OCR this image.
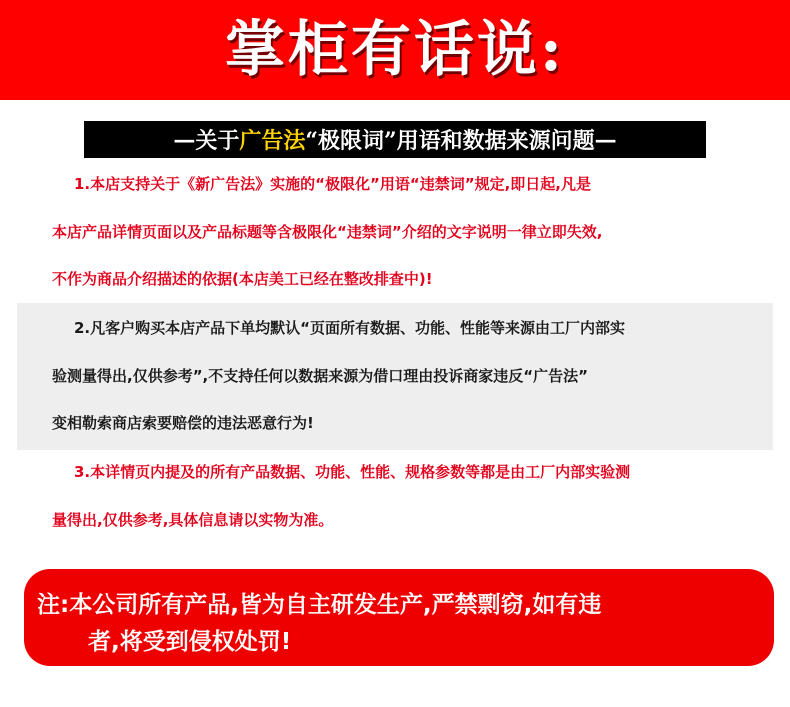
掌柜有话说:
— 关于 广告法 “极限词” 用语和数据来源问题 —
1.本店支持关于《新广告法》实施的“极限化”用语“违禁词”规定,即日起,凡是
本店产品详情页面以及产品标题等含极限化“违禁词”介绍的文字说明一律立即失效,
不作为商品介绍描述的依据(本店美工已经在整改排查中)!
2.凡客户购买本店产品下单均默认“页面所有数据、功能、性能等来源由工厂内部实
验测量得出,仅供参考”,不支持任何以数据来源为借口理由投诉商家违反“广告法”
变相勒索商店索要赔偿的违法恶意行为!
3.本详情页内提及的所有产品数据、功能、性能、规格参数等都是由工厂内部实验测
量得出,仅供参考,具体信息请以实物为准。
注:本公司所有产品,皆为自主研发生产,严禁剽窃,如有违
者,将受到侵权处罚!
